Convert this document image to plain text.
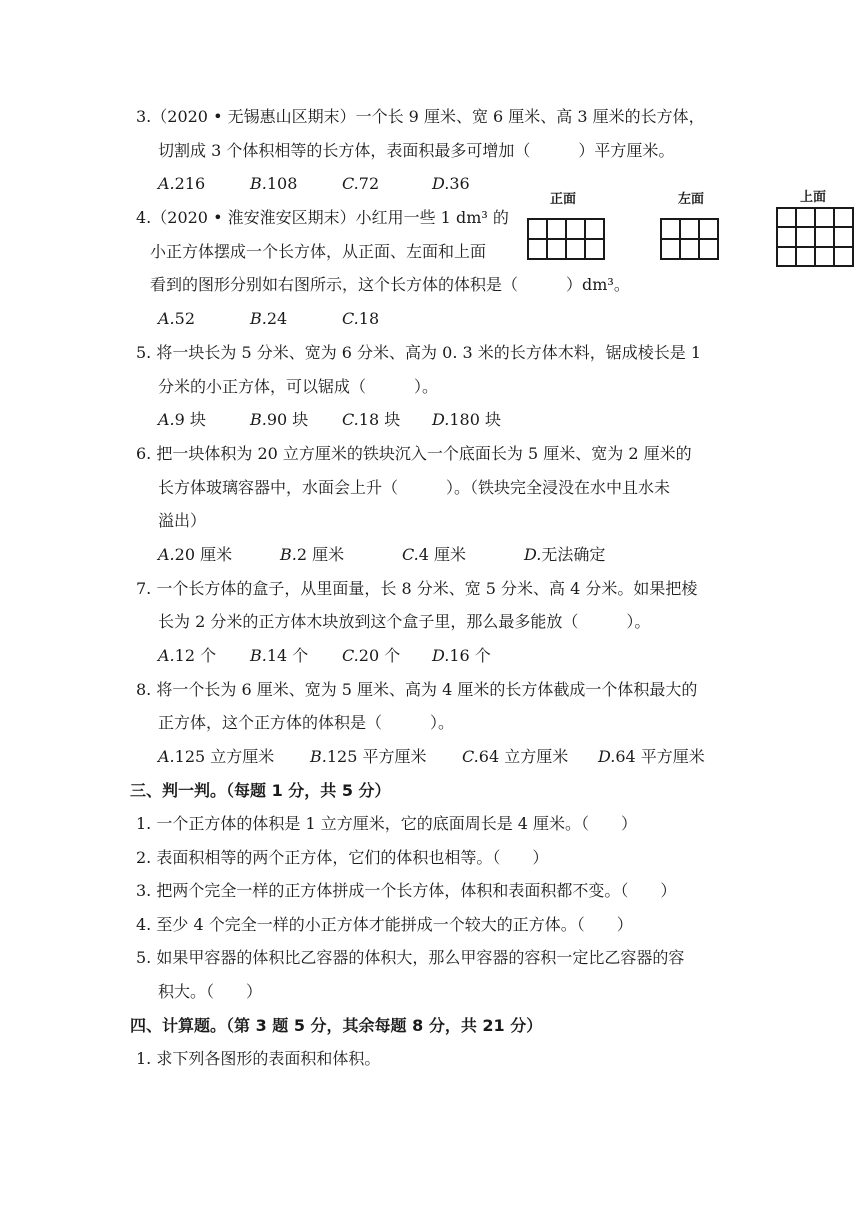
3.（2020 • 无锡惠山区期末）一个长 9 厘米、宽 6 厘米、高 3 厘米的长方体，
切割成 3 个体积相等的长方体，表面积最多可增加（　　　）平方厘米。
A.216	B.108	C.72	D.36
4.（2020 • 淮安淮安区期末）小红用一些 1 dm³ 的
小正方体摆成一个长方体，从正面、左面和上面
看到的图形分别如右图所示，这个长方体的体积是（　　　）dm³。
A.52	B.24	C.18
正面	左面	上面
5. 将一块长为 5 分米、宽为 6 分米、高为 0. 3 米的长方体木料，锯成棱长是 1
分米的小正方体，可以锯成（　　　）。
A.9 块	B.90 块 C.18 块 D.180 块
6. 把一块体积为 20 立方厘米的铁块沉入一个底面长为 5 厘米、宽为 2 厘米的
长方体玻璃容器中，水面会上升（　　　）。（铁块完全浸没在水中且水未
溢出）
A.20 厘米	B.2 厘米	C.4 厘米	D.无法确定
7. 一个长方体的盒子，从里面量，长 8 分米、宽 5 分米、高 4 分米。如果把棱
长为 2 分米的正方体木块放到这个盒子里，那么最多能放（　　　）。
A.12 个 B.14 个 C.20 个 D.16 个
8. 将一个长为 6 厘米、宽为 5 厘米、高为 4 厘米的长方体截成一个体积最大的
正方体，这个正方体的体积是（　　　）。
A.125 立方厘米 B.125 平方厘米 C.64 立方厘米 D.64 平方厘米
三、判一判。（每题 1 分，共 5 分）
1. 一个正方体的体积是 1 立方厘米，它的底面周长是 4 厘米。（　　）
2. 表面积相等的两个正方体，它们的体积也相等。（　　）
3. 把两个完全一样的正方体拼成一个长方体，体积和表面积都不变。（　　）
4. 至少 4 个完全一样的小正方体才能拼成一个较大的正方体。（　　）
5. 如果甲容器的体积比乙容器的体积大，那么甲容器的容积一定比乙容器的容
积大。（　　）
四、计算题。（第 3 题 5 分，其余每题 8 分，共 21 分）
1. 求下列各图形的表面积和体积。
